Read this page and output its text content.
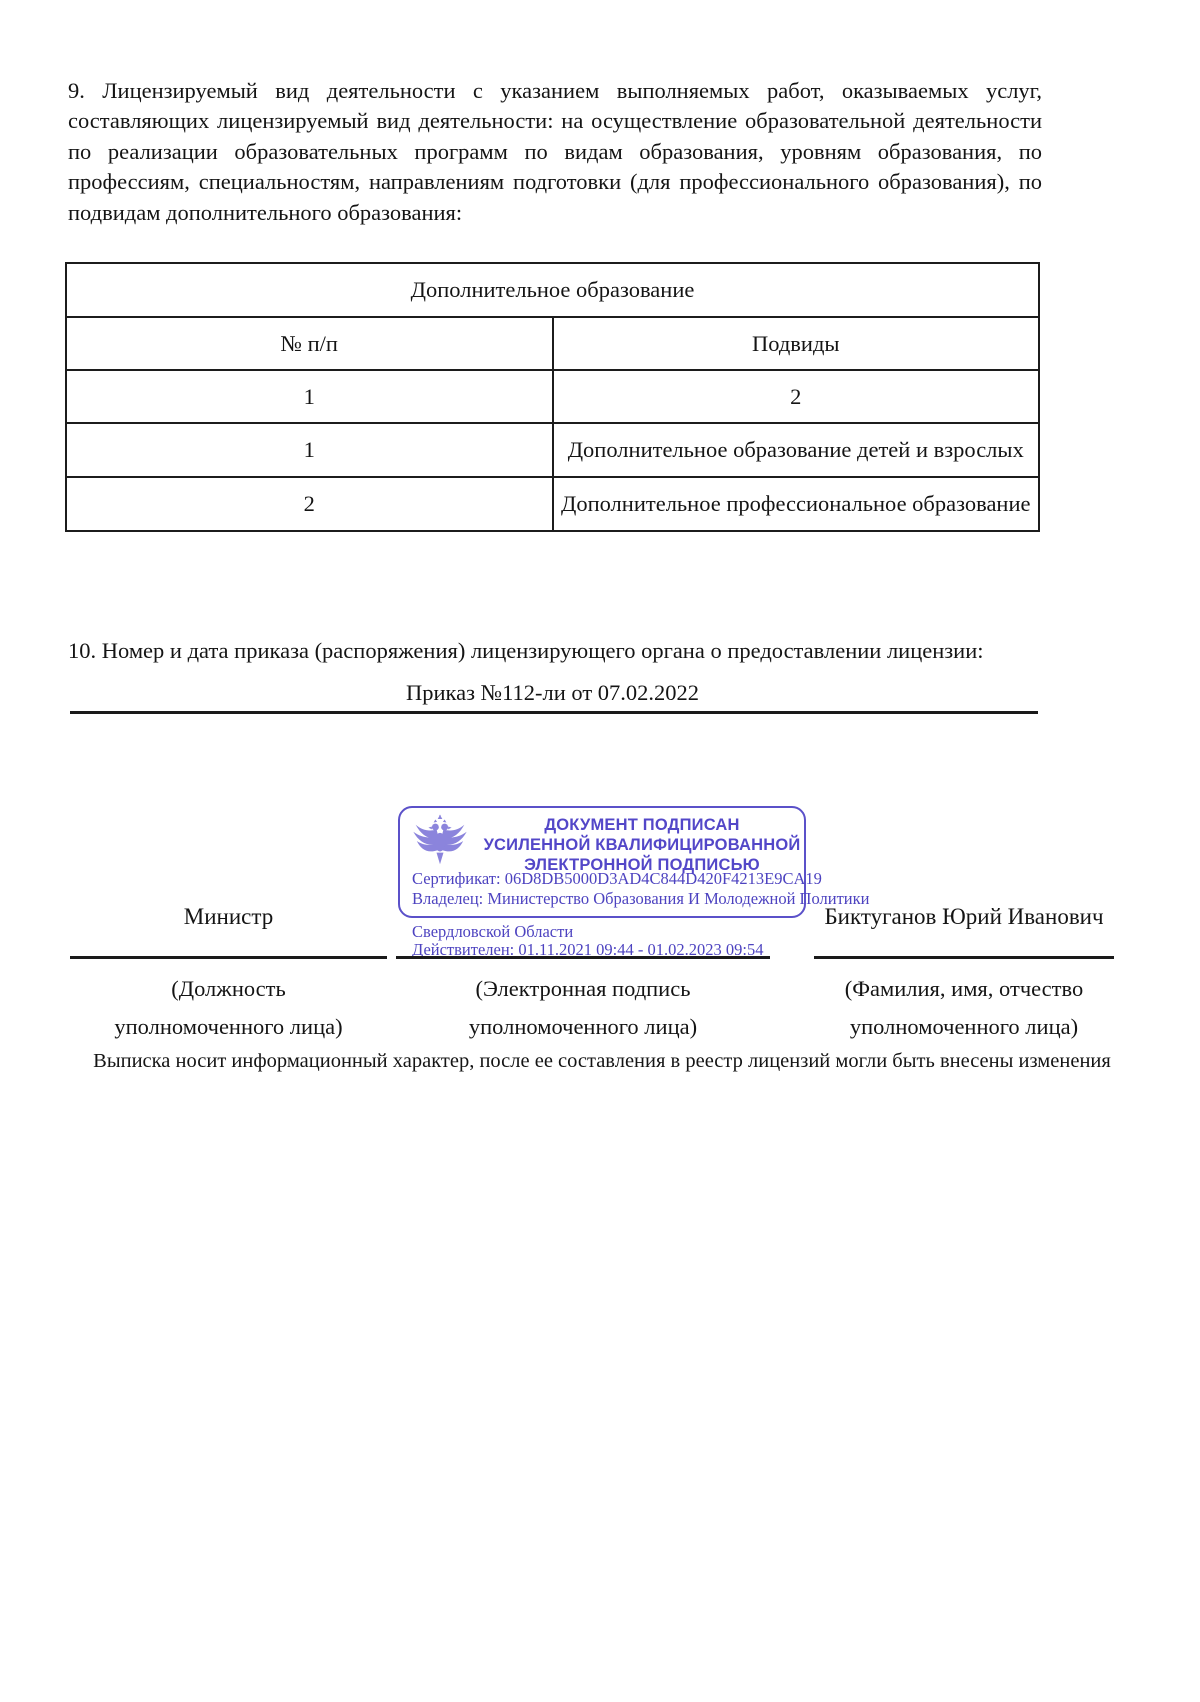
9. Лицензируемый вид деятельности с указанием выполняемых работ, оказываемых услуг, составляющих лицензируемый вид деятельности: на осуществление образовательной деятельности по реализации образовательных программ по видам образования, уровням образования, по профессиям, специальностям, направлениям подготовки (для профессионального образования), по подвидам дополнительного образования:
Дополнительное образование	
№ п/п	Подвиды
1	2
1	Дополнительное образование детей и взрослых
2	Дополнительное профессиональное образование
10. Номер и дата приказа (распоряжения) лицензирующего органа о предоставлении лицензии:
Приказ №112-ли от 07.02.2022
ДОКУМЕНТ ПОДПИСАН
УСИЛЕННОЙ КВАЛИФИЦИРОВАННОЙ
ЭЛЕКТРОННОЙ ПОДПИСЬЮ
Сертификат: 06D8DB5000D3AD4C844D420F4213E9CA19
Владелец: Министерство Образования И Молодежной Политики
Свердловской Области
Действителен: 01.11.2021 09:44 - 01.02.2023 09:54
Министр	Биктуганов Юрий Иванович
(Должность
уполномоченного лица)
(Электронная подпись
уполномоченного лица)
(Фамилия, имя, отчество
уполномоченного лица)
Выписка носит информационный характер, после ее составления в реестр лицензий могли быть внесены изменения
